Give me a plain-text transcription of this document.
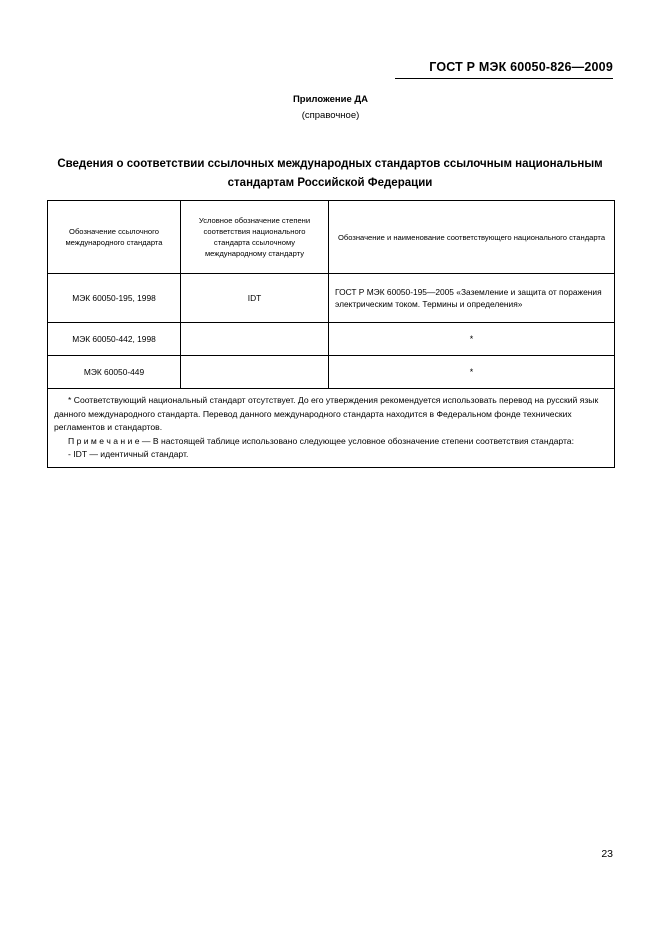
ГОСТ Р МЭК 60050-826—2009
Приложение ДА
(справочное)
Сведения о соответствии ссылочных международных стандартов ссылочным национальным стандартам Российской Федерации
Обозначение ссылочного международного стандарта	Условное обозначение степени соответствия национального стандарта ссылочному международному стандарту	Обозначение и наименование соответствующего национального стандарта
МЭК 60050-195, 1998	IDT	ГОСТ Р МЭК 60050-195—2005 «Заземление и защита от поражения электрическим током. Термины и определения»
МЭК 60050-442, 1998		*
МЭК 60050-449		*

* Соответствующий национальный стандарт отсутствует. До его утверждения рекомендуется использовать перевод на русский язык данного международного стандарта. Перевод данного международного стандарта находится в Федеральном фонде технических регламентов и стандартов.

П р и м е ч а н и е — В настоящей таблице использовано следующее условное обозначение степени соответствия стандарта:

- IDT — идентичный стандарт.		

23
